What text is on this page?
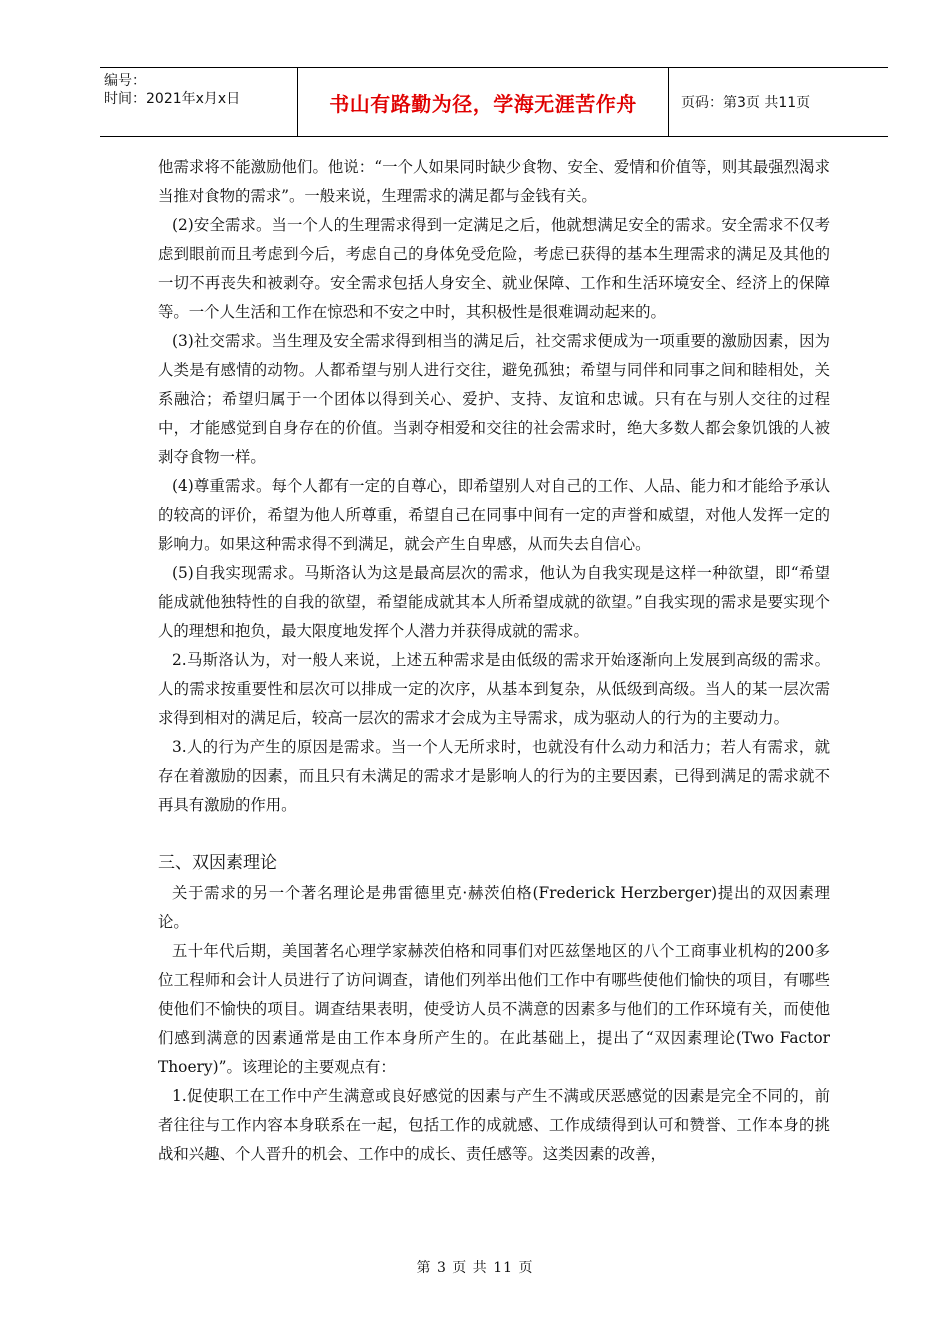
编号：
时间：2021年x月x日	书山有路勤为径，学海无涯苦作舟	页码：第3页 共11页

他需求将不能激励他们。他说：“一个人如果同时缺少食物、安全、爱情和价值等，则其最强烈渴求当推对食物的需求”。一般来说，生理需求的满足都与金钱有关。

(2)安全需求。当一个人的生理需求得到一定满足之后，他就想满足安全的需求。安全需求不仅考虑到眼前而且考虑到今后，考虑自己的身体免受危险，考虑已获得的基本生理需求的满足及其他的一切不再丧失和被剥夺。安全需求包括人身安全、就业保障、工作和生活环境安全、经济上的保障等。一个人生活和工作在惊恐和不安之中时，其积极性是很难调动起来的。

(3)社交需求。当生理及安全需求得到相当的满足后，社交需求便成为一项重要的激励因素，因为人类是有感情的动物。人都希望与别人进行交往，避免孤独；希望与同伴和同事之间和睦相处，关系融洽；希望归属于一个团体以得到关心、爱护、支持、友谊和忠诚。只有在与别人交往的过程中，才能感觉到自身存在的价值。当剥夺相爱和交往的社会需求时，绝大多数人都会象饥饿的人被剥夺食物一样。

(4)尊重需求。每个人都有一定的自尊心，即希望别人对自己的工作、人品、能力和才能给予承认的较高的评价，希望为他人所尊重，希望自己在同事中间有一定的声誉和威望，对他人发挥一定的影响力。如果这种需求得不到满足，就会产生自卑感，从而失去自信心。

(5)自我实现需求。马斯洛认为这是最高层次的需求，他认为自我实现是这样一种欲望，即“希望能成就他独特性的自我的欲望，希望能成就其本人所希望成就的欲望。”自我实现的需求是要实现个人的理想和抱负，最大限度地发挥个人潜力并获得成就的需求。

2.马斯洛认为，对一般人来说，上述五种需求是由低级的需求开始逐渐向上发展到高级的需求。人的需求按重要性和层次可以排成一定的次序，从基本到复杂，从低级到高级。当人的某一层次需求得到相对的满足后，较高一层次的需求才会成为主导需求，成为驱动人的行为的主要动力。

3.人的行为产生的原因是需求。当一个人无所求时，也就没有什么动力和活力；若人有需求，就存在着激励的因素，而且只有未满足的需求才是影响人的行为的主要因素，已得到满足的需求就不再具有激励的作用。

三、双因素理论

关于需求的另一个著名理论是弗雷德里克·赫茨伯格(Frederick Herzberger)提出的双因素理论。

五十年代后期，美国著名心理学家赫茨伯格和同事们对匹兹堡地区的八个工商事业机构的200多位工程师和会计人员进行了访问调查，请他们列举出他们工作中有哪些使他们愉快的项目，有哪些使他们不愉快的项目。调查结果表明，使受访人员不满意的因素多与他们的工作环境有关，而使他们感到满意的因素通常是由工作本身所产生的。在此基础上，提出了“双因素理论(Two Factor Thoery)”。该理论的主要观点有：

1.促使职工在工作中产生满意或良好感觉的因素与产生不满或厌恶感觉的因素是完全不同的，前者往往与工作内容本身联系在一起，包括工作的成就感、工作成绩得到认可和赞誉、工作本身的挑战和兴趣、个人晋升的机会、工作中的成长、责任感等。这类因素的改善，

第 3 页 共 11 页
